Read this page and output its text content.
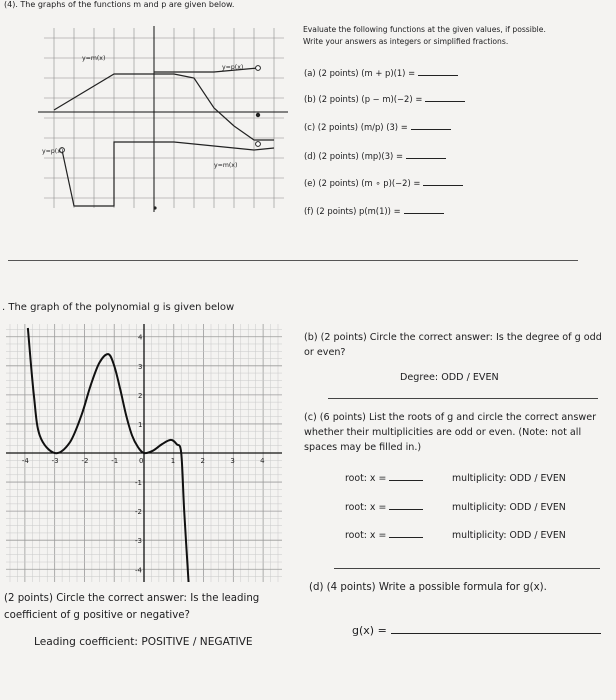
(4). The graphs of the functions m and p are given below.
y=m(x)
y=p(x)
y=p(x)
y=m(x)
Evaluate the following functions at the given values, if possible. Write your answers as integers or simplified fractions.
(a) (2 points) (m + p)(1) =
(b) (2 points) (p − m)(−2) =
(c) (2 points) (m/p) (3) =
(d) (2 points) (mp)(3) =
(e) (2 points) (m ∘ p)(−2) =
(f) (2 points) p(m(1)) =
. The graph of the polynomial g is given below
-4	-3	-2	-1	0	1	2	3	4
4
3
2
1
-1
-2
-3
-4
(b) (2 points) Circle the correct answer: Is the degree of g odd or even?
Degree: ODD / EVEN
(c) (6 points) List the roots of g and circle the correct answer whether their multiplicities are odd or even. (Note: not all spaces may be filled in.)
root: x =	multiplicity: ODD / EVEN
root: x =	multiplicity: ODD / EVEN
root: x =	multiplicity: ODD / EVEN
(d) (4 points) Write a possible formula for g(x).
g(x) =
(2 points) Circle the correct answer: Is the leading coefficient of g positive or negative?
Leading coefficient: POSITIVE / NEGATIVE
